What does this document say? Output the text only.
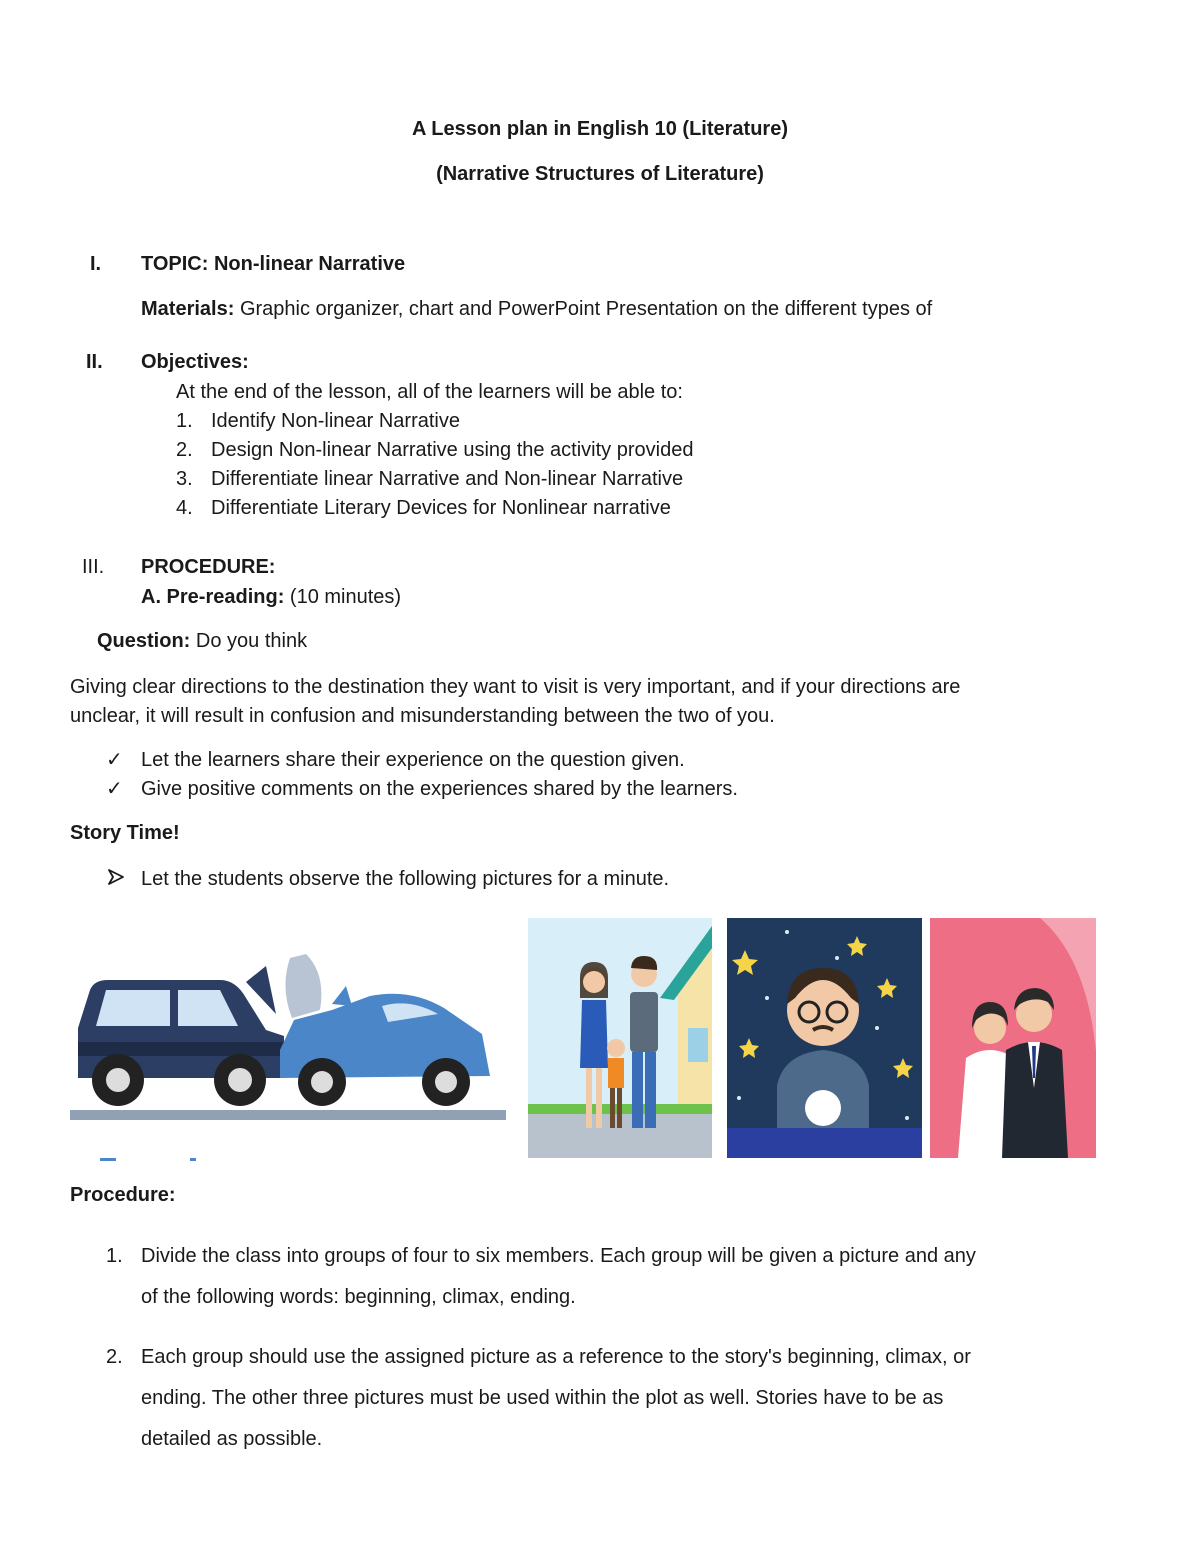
A Lesson plan in English 10 (Literature)
(Narrative Structures of Literature)
I. TOPIC: Non-linear Narrative
Materials: Graphic organizer, chart and PowerPoint Presentation on the different types of
II. Objectives:
At the end of the lesson, all of the learners will be able to:
1. Identify Non-linear Narrative
2. Design Non-linear Narrative using the activity provided
3. Differentiate linear Narrative and Non-linear Narrative
4. Differentiate Literary Devices for Nonlinear narrative
III. PROCEDURE:
A. Pre-reading: (10 minutes)
Question: Do you think
Giving clear directions to the destination they want to visit is very important, and if your directions are
unclear, it will result in confusion and misunderstanding between the two of you.
✓ Let the learners share their experience on the question given.
✓ Give positive comments on the experiences shared by the learners.
Story Time!
Let the students observe the following pictures for a minute.
Procedure:
1. Divide the class into groups of four to six members. Each group will be given a picture and any
of the following words: beginning, climax, ending.
2. Each group should use the assigned picture as a reference to the story's beginning, climax, or
ending. The other three pictures must be used within the plot as well. Stories have to be as
detailed as possible.
